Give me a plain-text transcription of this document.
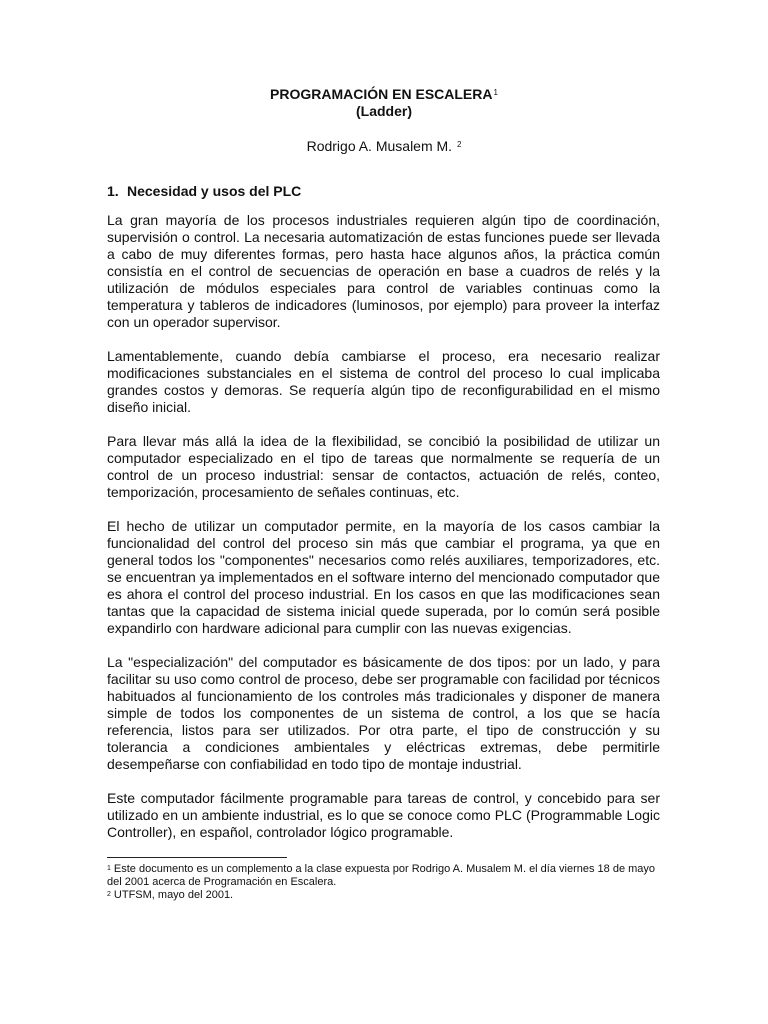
PROGRAMACIÓN EN ESCALERA$^1$
(Ladder)
Rodrigo A. Musalem M. $^2$
1. Necesidad y usos del PLC

La gran mayoría de los procesos industriales requieren algún tipo de coordinación, supervisión o control. La necesaria automatización de estas funciones puede ser llevada a cabo de muy diferentes formas, pero hasta hace algunos años, la práctica común consistía en el control de secuencias de operación en base a cuadros de relés y la utilización de módulos especiales para control de variables continuas como la temperatura y tableros de indicadores (luminosos, por ejemplo) para proveer la interfaz con un operador supervisor.

Lamentablemente, cuando debía cambiarse el proceso, era necesario realizar modificaciones substanciales en el sistema de control del proceso lo cual implicaba grandes costos y demoras. Se requería algún tipo de reconfigurabilidad en el mismo diseño inicial.

Para llevar más allá la idea de la flexibilidad, se concibió la posibilidad de utilizar un computador especializado en el tipo de tareas que normalmente se requería de un control de un proceso industrial: sensar de contactos, actuación de relés, conteo, temporización, procesamiento de señales continuas, etc.

El hecho de utilizar un computador permite, en la mayoría de los casos cambiar la funcionalidad del control del proceso sin más que cambiar el programa, ya que en general todos los "componentes" necesarios como relés auxiliares, temporizadores, etc. se encuentran ya implementados en el software interno del mencionado computador que es ahora el control del proceso industrial. En los casos en que las modificaciones sean tantas que la capacidad de sistema inicial quede superada, por lo común será posible expandirlo con hardware adicional para cumplir con las nuevas exigencias.

La "especialización" del computador es básicamente de dos tipos: por un lado, y para facilitar su uso como control de proceso, debe ser programable con facilidad por técnicos habituados al funcionamiento de los controles más tradicionales y disponer de manera simple de todos los componentes de un sistema de control, a los que se hacía referencia, listos para ser utilizados. Por otra parte, el tipo de construcción y su tolerancia a condiciones ambientales y eléctricas extremas, debe permitirle desempeñarse con confiabilidad en todo tipo de montaje industrial.

Este computador fácilmente programable para tareas de control, y concebido para ser utilizado en un ambiente industrial, es lo que se conoce como PLC (Programmable Logic Controller), en español, controlador lógico programable.

$^1$ Este documento es un complemento a la clase expuesta por Rodrigo A. Musalem M. el día viernes 18 de mayo del 2001 acerca de Programación en Escalera.

$^2$ UTFSM, mayo del 2001.
